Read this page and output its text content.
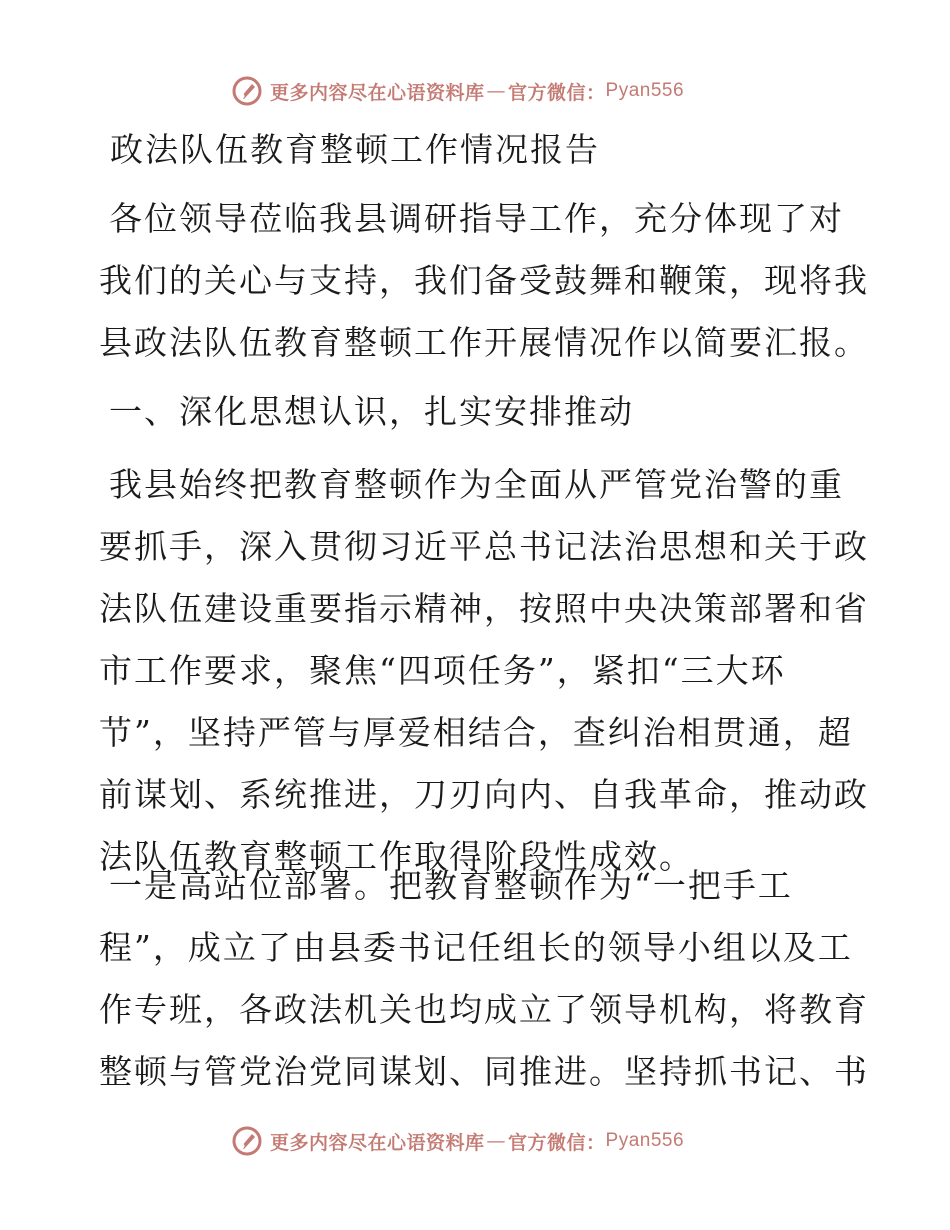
更多内容尽在心语资料库 — 官方微信： Pyan556
政法队伍教育整顿工作情况报告

各位领导莅临我县调研指导工作，充分体现了对
我们的关心与支持，我们备受鼓舞和鞭策，现将我
县政法队伍教育整顿工作开展情况作以简要汇报。

一、深化思想认识，扎实安排推动

我县始终把教育整顿作为全面从严管党治警的重
要抓手，深入贯彻习近平总书记法治思想和关于政
法队伍建设重要指示精神，按照中央决策部署和省
市工作要求，聚焦“四项任务”，紧扣“三大环
节”，坚持严管与厚爱相结合，查纠治相贯通，超
前谋划、系统推进，刀刃向内、自我革命，推动政
法队伍教育整顿工作取得阶段性成效。

一是高站位部署。把教育整顿作为“一把手工
程”，成立了由县委书记任组长的领导小组以及工
作专班，各政法机关也均成立了领导机构，将教育
整顿与管党治党同谋划、同推进。坚持抓书记、书

更多内容尽在心语资料库 — 官方微信： Pyan556
